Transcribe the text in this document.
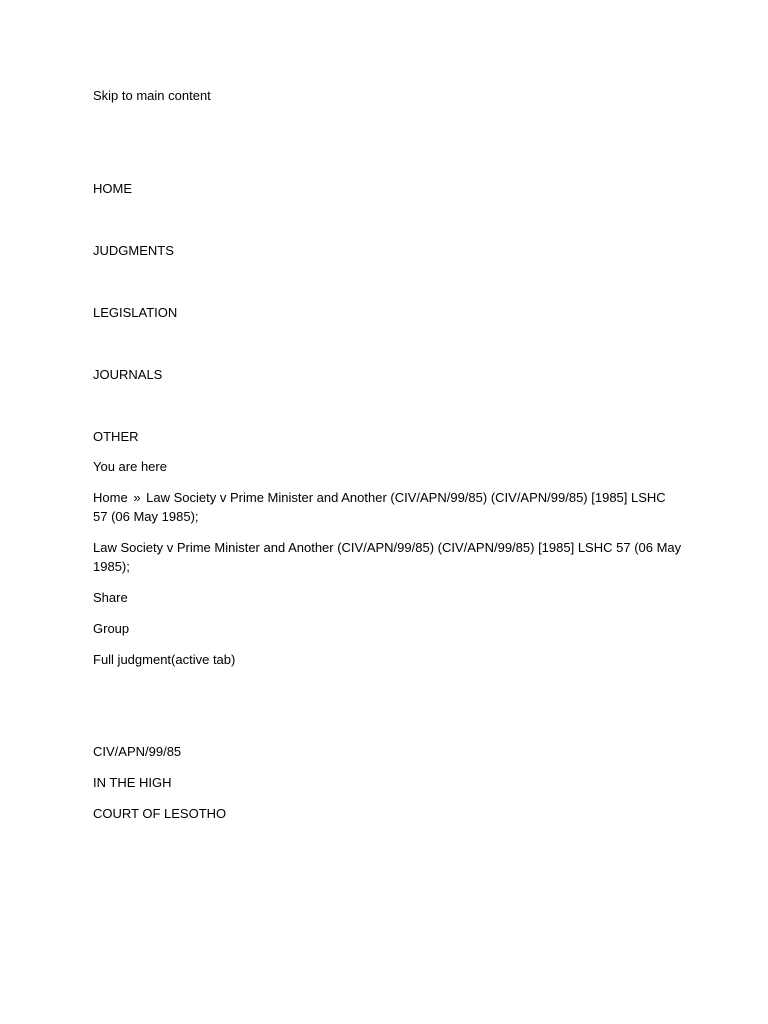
Skip to main content
HOME
JUDGMENTS
LEGISLATION
JOURNALS
OTHER
You are here
Home » Law Society v Prime Minister and Another (CIV/APN/99/85) (CIV/APN/99/85) [1985] LSHC 57 (06 May 1985);
Law Society v Prime Minister and Another (CIV/APN/99/85) (CIV/APN/99/85) [1985] LSHC 57 (06 May 1985);
Share
Group
Full judgment(active tab)
CIV/APN/99/85
IN THE HIGH
COURT OF LESOTHO
